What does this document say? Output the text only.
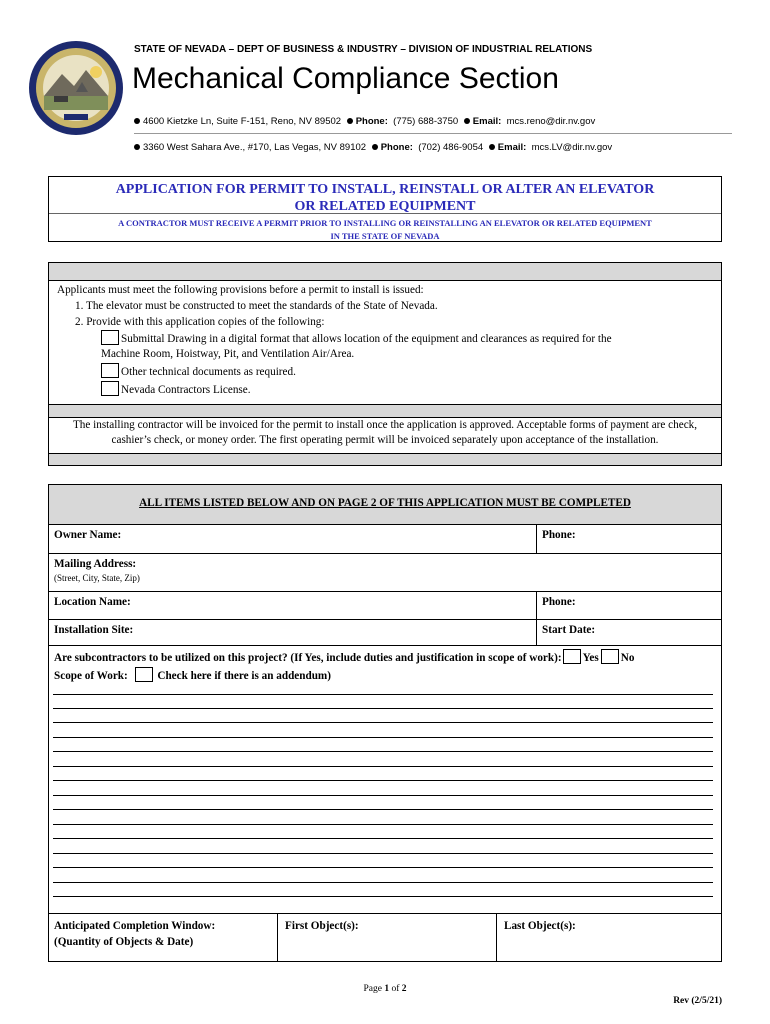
STATE OF NEVADA – DEPT OF BUSINESS & INDUSTRY – DIVISION OF INDUSTRIAL RELATIONS
Mechanical Compliance Section
4600 Kietzke Ln, Suite F-151, Reno, NV 89502 Phone: (775) 688-3750 Email: mcs.reno@dir.nv.gov
3360 West Sahara Ave., #170, Las Vegas, NV 89102 Phone: (702) 486-9054 Email: mcs.LV@dir.nv.gov
APPLICATION FOR PERMIT TO INSTALL, REINSTALL OR ALTER AN ELEVATOR
OR RELATED EQUIPMENT
A CONTRACTOR MUST RECEIVE A PERMIT PRIOR TO INSTALLING OR REINSTALLING AN ELEVATOR OR RELATED EQUIPMENT
IN THE STATE OF NEVADA
Applicants must meet the following provisions before a permit to install is issued:
1. The elevator must be constructed to meet the standards of the State of Nevada.
2. Provide with this application copies of the following:
Submittal Drawing in a digital format that allows location of the equipment and clearances as required for the
Machine Room, Hoistway, Pit, and Ventilation Air/Area.
Other technical documents as required.
Nevada Contractors License.
The installing contractor will be invoiced for the permit to install once the application is approved. Acceptable forms of payment are check, cashier’s check, or money order. The first operating permit will be invoiced separately upon acceptance of the installation.
ALL ITEMS LISTED BELOW AND ON PAGE 2 OF THIS APPLICATION MUST BE COMPLETED
Owner Name:	Phone:
Mailing Address:
(Street, City, State, Zip)
Location Name:	Phone:
Installation Site:	Start Date:
Are subcontractors to be utilized on this project? (If Yes, include duties and justification in scope of work): Yes No
Scope of Work:	Check here if there is an addendum)
Anticipated Completion Window:
(Quantity of Objects & Date)
First Object(s):	Last Object(s):
Page 1 of 2
Rev (2/5/21)
